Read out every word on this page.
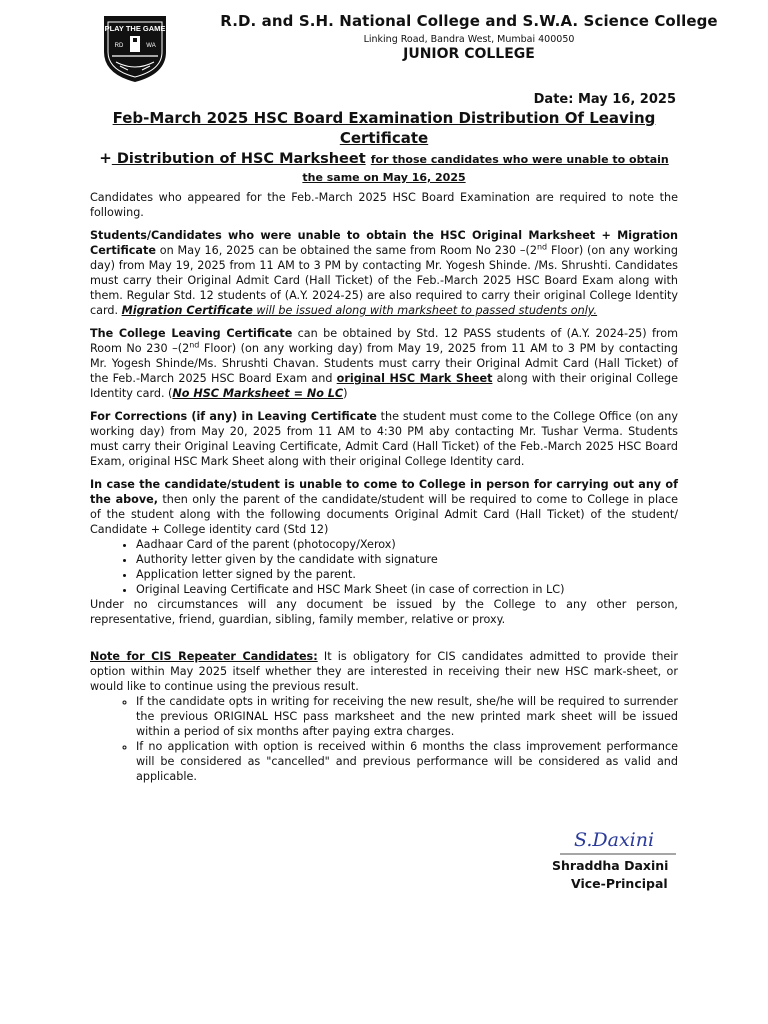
PLAY THE GAME
RD	WA
R.D. and S.H. National College and S.W.A. Science College
Linking Road, Bandra West, Mumbai 400050
JUNIOR COLLEGE
Date: May 16, 2025
Feb-March 2025 HSC Board Examination Distribution Of Leaving Certificate
+ Distribution of HSC Marksheet for those candidates who were unable to obtain the same on May 16, 2025

Candidates who appeared for the Feb.-March 2025 HSC Board Examination are required to note the following.

Students/Candidates who were unable to obtain the HSC Original Marksheet + Migration Certificate on May 16, 2025 can be obtained the same from Room No 230 –(2nd Floor) (on any working day) from May 19, 2025 from 11 AM to 3 PM by contacting Mr. Yogesh Shinde. /Ms. Shrushti. Candidates must carry their Original Admit Card (Hall Ticket) of the Feb.-March 2025 HSC Board Exam along with them. Regular Std. 12 students of (A.Y. 2024-25) are also required to carry their original College Identity card. Migration Certificate will be issued along with marksheet to passed students only.

The College Leaving Certificate can be obtained by Std. 12 PASS students of (A.Y. 2024-25) from Room No 230 –(2nd Floor) (on any working day) from May 19, 2025 from 11 AM to 3 PM by contacting Mr. Yogesh Shinde/Ms. Shrushti Chavan. Students must carry their Original Admit Card (Hall Ticket) of the Feb.-March 2025 HSC Board Exam and original HSC Mark Sheet along with their original College Identity card. (No HSC Marksheet = No LC)

For Corrections (if any) in Leaving Certificate the student must come to the College Office (on any working day) from May 20, 2025 from 11 AM to 4:30 PM aby contacting Mr. Tushar Verma. Students must carry their Original Leaving Certificate, Admit Card (Hall Ticket) of the Feb.-March 2025 HSC Board Exam, original HSC Mark Sheet along with their original College Identity card.

In case the candidate/student is unable to come to College in person for carrying out any of the above, then only the parent of the candidate/student will be required to come to College in place of the student along with the following documents Original Admit Card (Hall Ticket) of the student/ Candidate + College identity card (Std 12)

• Aadhaar Card of the parent (photocopy/Xerox)
• Authority letter given by the candidate with signature
• Application letter signed by the parent.
• Original Leaving Certificate and HSC Mark Sheet (in case of correction in LC)

Under no circumstances will any document be issued by the College to any other person, representative, friend, guardian, sibling, family member, relative or proxy.

Note for CIS Repeater Candidates: It is obligatory for CIS candidates admitted to provide their option within May 2025 itself whether they are interested in receiving their new HSC mark-sheet, or would like to continue using the previous result.

◦ If the candidate opts in writing for receiving the new result, she/he will be required to surrender the previous ORIGINAL HSC pass marksheet and the new printed mark sheet will be issued within a period of six months after paying extra charges.
◦ If no application with option is received within 6 months the class improvement performance will be considered as "cancelled" and previous performance will be considered as valid and applicable.
S.Daxini
Shraddha Daxini
Vice-Principal
